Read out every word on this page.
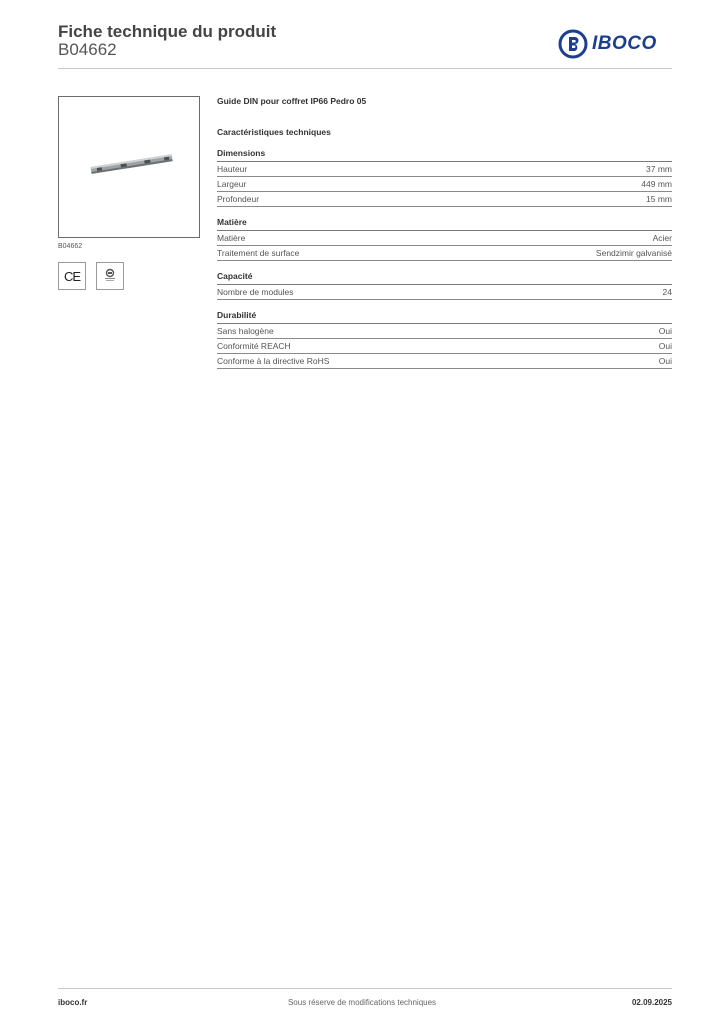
Fiche technique du produit
B04662	IBOCO
B04662
CE
Guide DIN pour coffret IP66 Pedro 05
Caractéristiques techniques
Dimensions
Hauteur	37 mm
Largeur	449 mm
Profondeur	15 mm
Matière
Matière	Acier
Traitement de surface	Sendzimir galvanisé
Capacité
Nombre de modules	24
Durabilité
Sans halogène	Oui
Conformité REACH	Oui
Conforme à la directive RoHS	Oui
Sous réserve de modifications techniques
iboco.fr	02.09.2025
